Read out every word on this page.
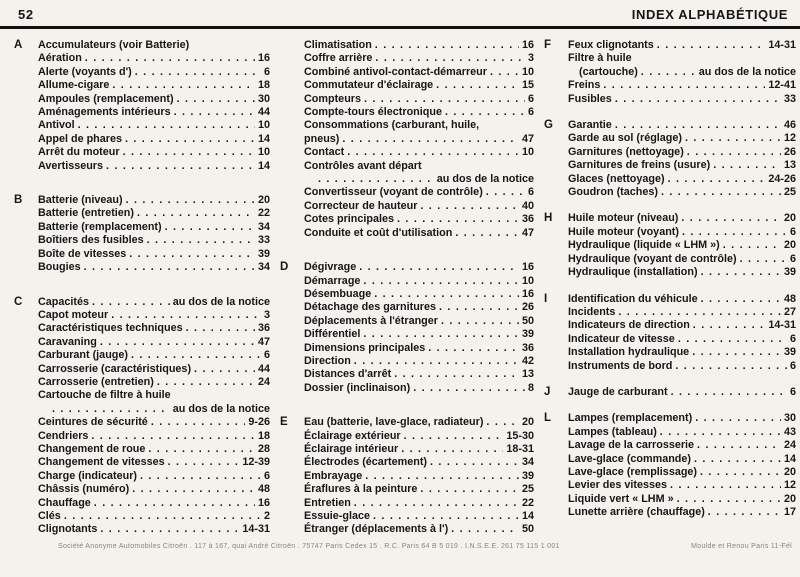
52	INDEX ALPHABÉTIQUE
A	Accumulateurs (voir Batterie)
Aération . . .	16
Alerte (voyants d') . . .	6
Allume-cigare . . .	18
Ampoules (remplacement) . . .	30
Aménagements intérieurs . . .	44
Antivol . . .	10
Appel de phares . . .	14
Arrêt du moteur . . .	10
Avertisseurs . . .	14
B	Batterie (niveau) . . .	20
Batterie (entretien) . . .	22
Batterie (remplacement) . . .	34
Boîtiers des fusibles . . .	33
Boîte de vitesses . . .	39
Bougies . . .	34
C	Capacités . . .	au dos de la notice
Capot moteur . . .	3
Caractéristiques techniques . . .	36
Caravaning . . .	47
Carburant (jauge) . . .	6
Carrosserie (caractéristiques) . . .	44
Carrosserie (entretien) . . .	24
Cartouche de filtre à huile
. . .
au dos de la notice
Ceintures de sécurité . . .	9-26
Cendriers . . .	18
Changement de roue . . .	28
Changement de vitesses . . .	12-39
Charge (indicateur) . . .	6
Châssis (numéro) . . .	48
Chauffage . . .	16
Clés . . .	2
Clignotants . . .	14-31
Climatisation . . .	16
Coffre arrière . . .	3
Combiné antivol-contact-démarreur . . .	10
Commutateur d'éclairage . . .	15
Compteurs . . .	6
Compte-tours électronique . . .	6
Consommations (carburant, huile,
pneus) . . .	47
Contact . . .	10
Contrôles avant départ
. . .
au dos de la notice
Convertisseur (voyant de contrôle) . . .	6
Correcteur de hauteur . . .	40
Cotes principales . . .	36
Conduite et coût d'utilisation . . .	47
D	Dégivrage . . .	16
Démarrage . . .	10
Désembuage . . .	16
Détachage des garnitures . . .	26
Déplacements à l'étranger . . .	50
Différentiel . . .	39
Dimensions principales . . .	36
Direction . . .	42
Distances d'arrêt . . .	13
Dossier (inclinaison) . . .	8
E	Eau (batterie, lave-glace, radiateur) . . .	20
Éclairage extérieur . . .	15-30
Éclairage intérieur . . .	18-31
Électrodes (écartement) . . .	34
Embrayage . . .	39
Éraflures à la peinture . . .	25
Entretien . . .	22
Essuie-glace . . .	14
Étranger (déplacements à l') . . .	50
F	Feux clignotants . . .	14-31
Filtre à huile
(cartouche) . . .	au dos de la notice
Freins . . .	12-41
Fusibles . . .	33
G	Garantie . . .	46
Garde au sol (réglage) . . .	12
Garnitures (nettoyage) . . .	26
Garnitures de freins (usure) . . .	13
Glaces (nettoyage) . . .	24-26
Goudron (taches) . . .	25
H	Huile moteur (niveau) . . .	20
Huile moteur (voyant) . . .	6
Hydraulique (liquide « LHM ») . . .	20
Hydraulique (voyant de contrôle) . . .	6
Hydraulique (installation) . . .	39
I	Identification du véhicule . . .	48
Incidents . . .	27
Indicateurs de direction . . .	14-31
Indicateur de vitesse . . .	6
Installation hydraulique . . .	39
Instruments de bord . . .	6
J	Jauge de carburant . . .	6
L	Lampes (remplacement) . . .	30
Lampes (tableau) . . .	43
Lavage de la carrosserie . . .	24
Lave-glace (commande) . . .	14
Lave-glace (remplissage) . . .	20
Levier des vitesses . . .	12
Liquide vert « LHM » . . .	20
Lunette arrière (chauffage) . . .	17
Société Anonyme Automobiles Citroën . 117 à 167, quai André Citroën . 75747 Paris Cedex 15 . R.C. Paris 64 B 5 019 . I.N.S.E.E. 261 75 115 1 001	Moulde et Renou Paris 11-Fél
